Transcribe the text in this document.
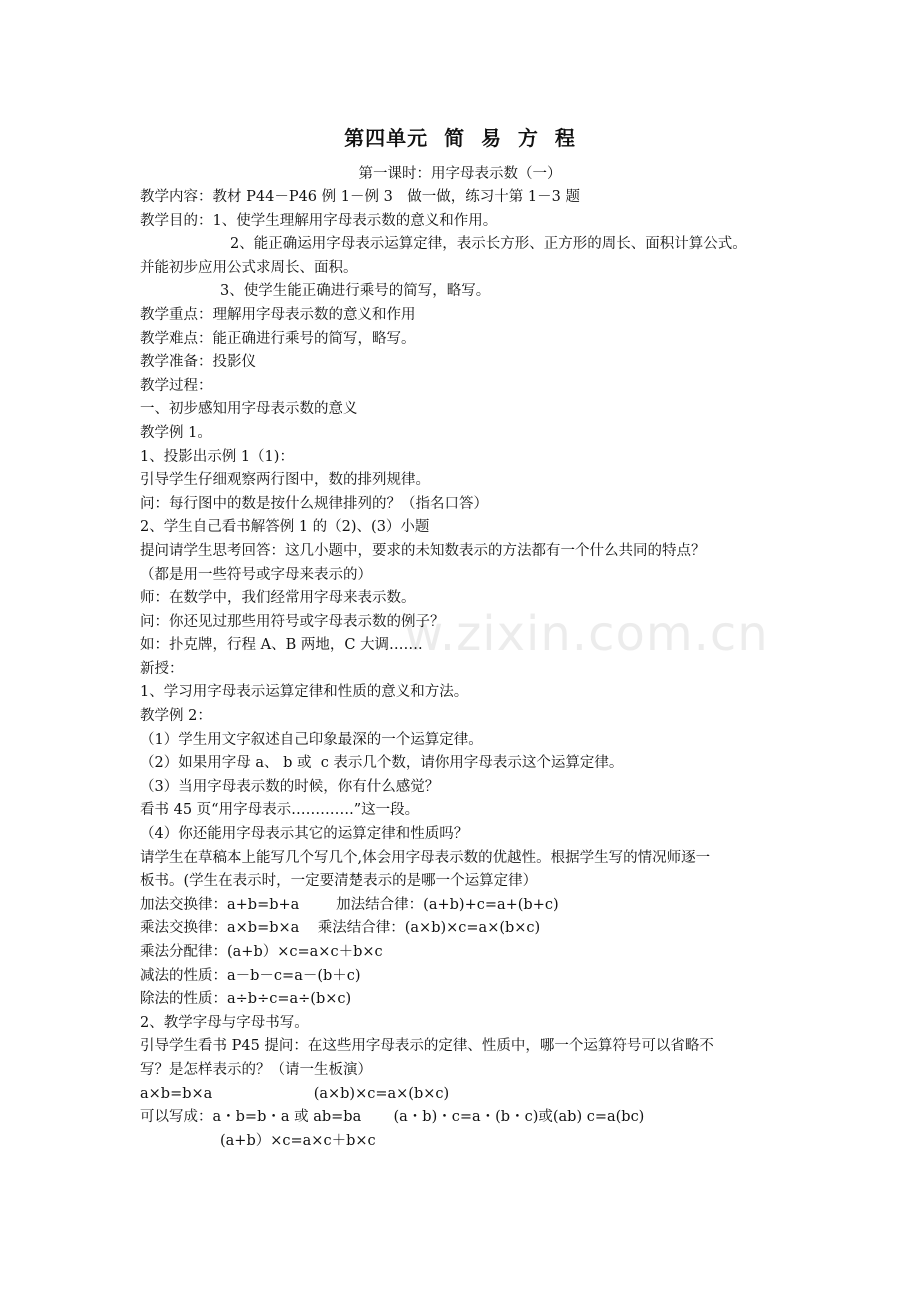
第四单元  简  易  方  程
第一课时：用字母表示数（一）
教学内容：教材 P44－P46 例 1－例 3　做一做，练习十第 1－3 题
教学目的：1、使学生理解用字母表示数的意义和作用。
2、能正确运用字母表示运算定律，表示长方形、正方形的周长、面积计算公式。
并能初步应用公式求周长、面积。
3、使学生能正确进行乘号的简写，略写。
教学重点：理解用字母表示数的意义和作用
教学难点：能正确进行乘号的简写，略写。
教学准备：投影仪
教学过程：
一、初步感知用字母表示数的意义
教学例 1。
1、投影出示例 1（1)：
引导学生仔细观察两行图中，数的排列规律。
问：每行图中的数是按什么规律排列的？（指名口答）
2、学生自己看书解答例 1 的（2)、(3）小题
提问请学生思考回答：这几小题中，要求的未知数表示的方法都有一个什么共同的特点？
（都是用一些符号或字母来表示的）
师：在数学中，我们经常用字母来表示数。
问：你还见过那些用符号或字母表示数的例子？
如：扑克牌，行程 A、B 两地，C 大调…….
新授：
1、学习用字母表示运算定律和性质的意义和方法。
教学例 2：
（1）学生用文字叙述自己印象最深的一个运算定律。
（2）如果用字母 a、 b 或  c 表示几个数，请你用字母表示这个运算定律。
（3）当用字母表示数的时候，你有什么感觉？
看书 45 页“用字母表示………….”这一段。
（4）你还能用字母表示其它的运算定律和性质吗？
请学生在草稿本上能写几个写几个,体会用字母表示数的优越性。根据学生写的情况师逐一
板书。(学生在表示时，一定要清楚表示的是哪一个运算定律）
加法交换律：a+b=b+a        加法结合律：(a+b)+c=a+(b+c)
乘法交换律：a×b=b×a    乘法结合律：(a×b)×c=a×(b×c)
乘法分配律：(a+b）×c=a×c＋b×c
减法的性质：a－b－c=a－(b＋c)
除法的性质：a÷b÷c=a÷(b×c)
2、教学字母与字母书写。
引导学生看书 P45 提问：在这些用字母表示的定律、性质中，哪一个运算符号可以省略不
写？是怎样表示的？（请一生板演）
a×b=b×a                      (a×b)×c=a×(b×c)
可以写成：a・b=b・a 或 ab=ba       (a・b)・c=a・(b・c)或(ab) c=a(bc)
(a+b）×c=a×c＋b×c
w.zixin.com.cn
